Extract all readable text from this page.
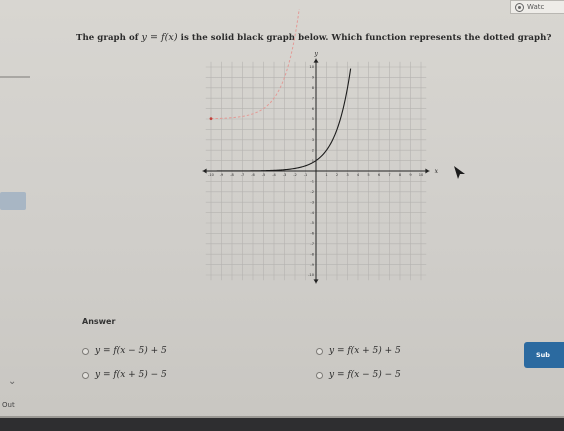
⌄
Out
Watc
The graph of y = f(x) is the solid black graph below. Which function represents the dotted graph?
-10 -9 -8 -7 -6 -5 -4 -3 -2 -1	1 2 3 4 5 6 7 8 9 10
10
9
8
7
6
5
4
3
2
1
-1
-2
-3
-4
-5
-6
-7
-8
-9
-10
x
y
Answer
y = f(x − 5) + 5	y = f(x + 5) + 5
y = f(x + 5) − 5	y = f(x − 5) − 5
Sub
